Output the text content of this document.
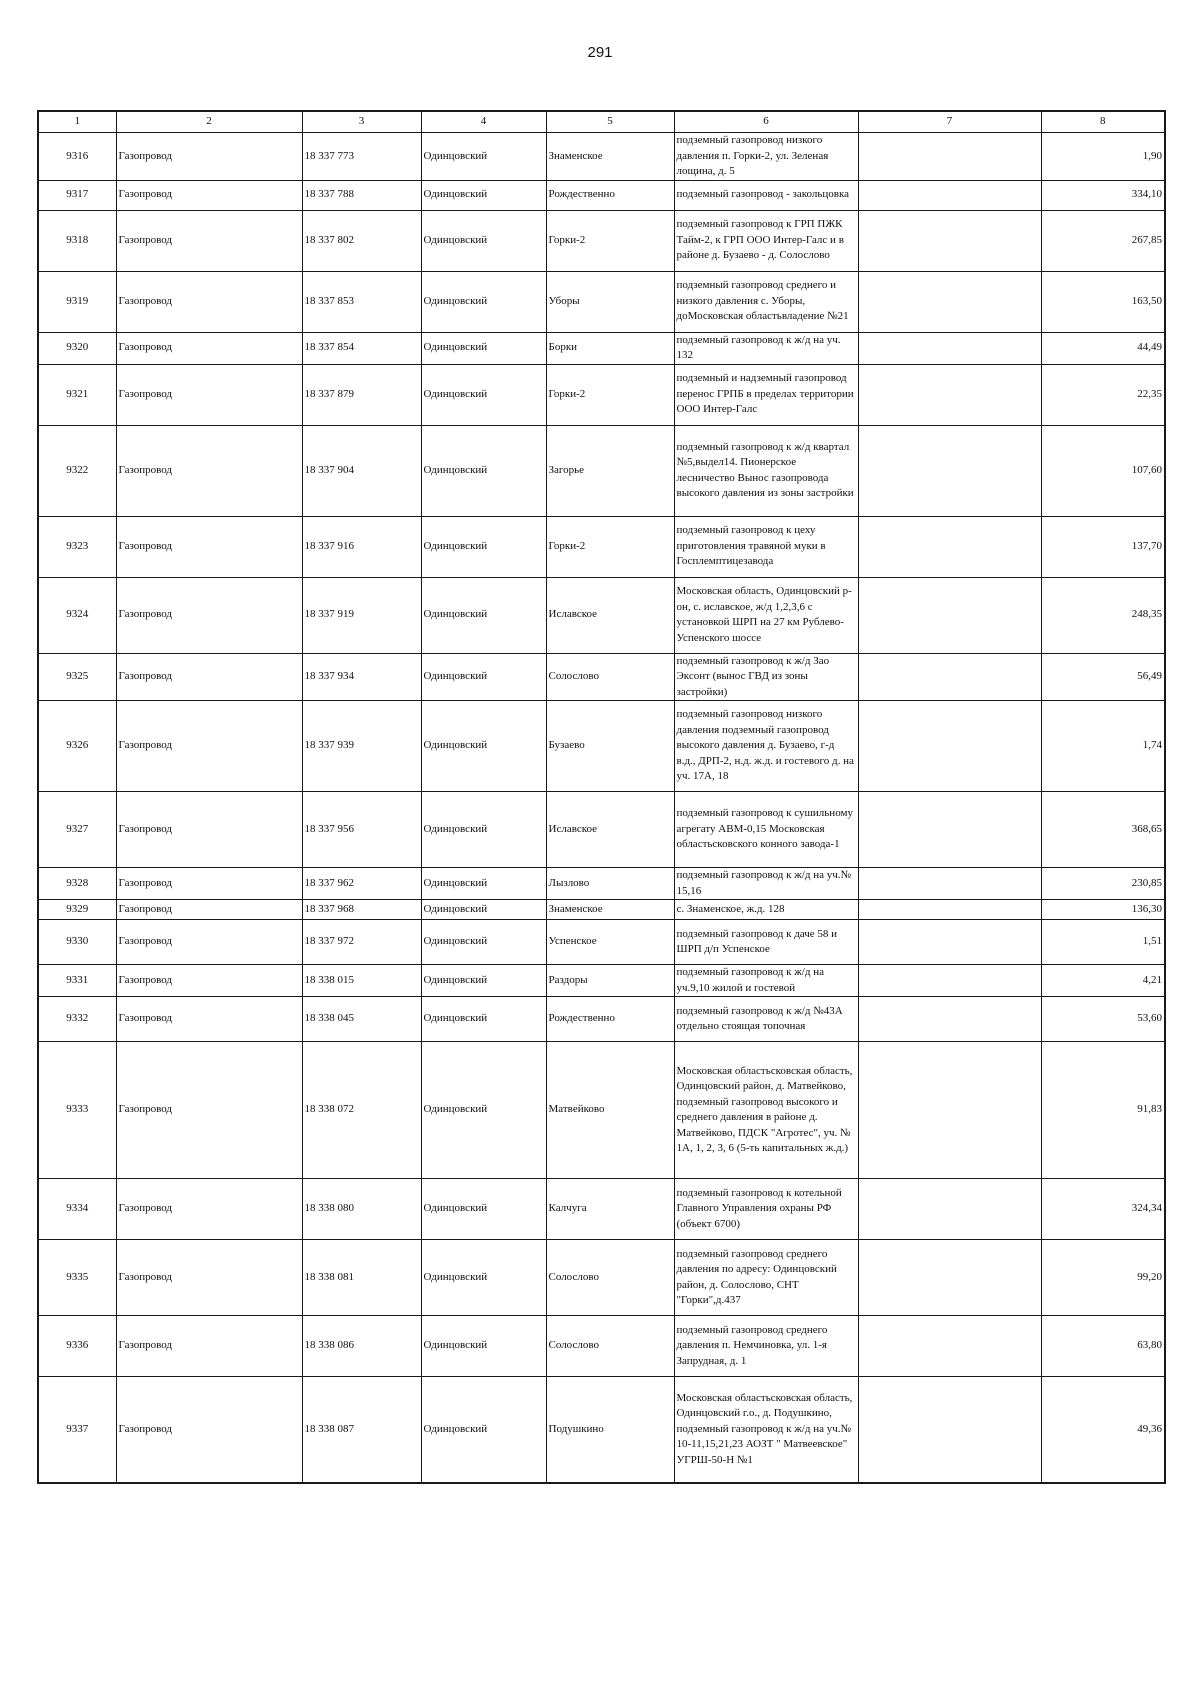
291
1	2	3	4	5	6	7	8
9316	Газопровод	18 337 773	Одинцовский	Знаменское	подземный газопровод низкого давления п. Горки-2, ул. Зеленая лощина, д. 5		1,90
9317	Газопровод	18 337 788	Одинцовский	Рождественно	подземный газопровод - закольцовка		334,10
9318	Газопровод	18 337 802	Одинцовский	Горки-2	подземный газопровод к ГРП ПЖК Тайм-2, к ГРП ООО Интер-Галс и в районе д. Бузаево - д. Солослово		267,85
9319	Газопровод	18 337 853	Одинцовский	Уборы	подземный газопровод среднего и низкого давления с. Уборы, доМосковская областьвладение №21		163,50
9320	Газопровод	18 337 854	Одинцовский	Борки	подземный газопровод к ж/д на уч. 132		44,49
9321	Газопровод	18 337 879	Одинцовский	Горки-2	подземный и надземный газопровод перенос ГРПБ в пределах территории ООО Интер-Галс		22,35
9322	Газопровод	18 337 904	Одинцовский	Загорье	подземный газопровод к ж/д квартал №5,выдел14. Пионерское лесничество Вынос газопровода высокого давления из зоны застройки		107,60
9323	Газопровод	18 337 916	Одинцовский	Горки-2	подземный газопровод к цеху приготовления травяной муки в Госплемптицезавода		137,70
9324	Газопровод	18 337 919	Одинцовский	Иславское	Московская область, Одинцовский р-он, с. иславское, ж/д 1,2,3,6 с установкой ШРП на 27 км Рублево-Успенского шоссе		248,35
9325	Газопровод	18 337 934	Одинцовский	Солослово	подземный газопровод к ж/д Зао Эксонт (вынос ГВД из зоны застройки)		56,49
9326	Газопровод	18 337 939	Одинцовский	Бузаево	подземный газопровод низкого давления подземный газопровод высокого давления д. Бузаево, г-д в.д., ДРП-2, н.д. ж.д. и гостевого д. на уч. 17А, 18		1,74
9327	Газопровод	18 337 956	Одинцовский	Иславское	подземный газопровод к сушильному агрегату АВМ-0,15 Московская областьсковского конного завода-1		368,65
9328	Газопровод	18 337 962	Одинцовский	Лызлово	подземный газопровод к ж/д на уч.№ 15,16		230,85
9329	Газопровод	18 337 968	Одинцовский	Знаменское	с. Знаменское, ж.д. 128		136,30
9330	Газопровод	18 337 972	Одинцовский	Успенское	подземный газопровод к даче 58 и ШРП д/п Успенское		1,51
9331	Газопровод	18 338 015	Одинцовский	Раздоры	подземный газопровод к ж/д на уч.9,10 жилой и гостевой		4,21
9332	Газопровод	18 338 045	Одинцовский	Рождественно	подземный газопровод к ж/д №43А отдельно стоящая топочная		53,60
9333	Газопровод	18 338 072	Одинцовский	Матвейково	Московская областьсковская область, Одинцовский район, д. Матвейково, подземный газопровод высокого и среднего давления в районе д. Матвейково, ПДСК "Агротес", уч. № 1А, 1, 2, 3, 6 (5-ть капитальных ж.д.)		91,83
9334	Газопровод	18 338 080	Одинцовский	Калчуга	подземный газопровод к котельной Главного Управления охраны РФ (объект 6700)		324,34
9335	Газопровод	18 338 081	Одинцовский	Солослово	подземный газопровод среднего давления по адресу: Одинцовский район, д. Солослово, СНТ "Горки",д.437		99,20
9336	Газопровод	18 338 086	Одинцовский	Солослово	подземный газопровод среднего давления п. Немчиновка, ул. 1-я Запрудная, д. 1		63,80
9337	Газопровод	18 338 087	Одинцовский	Подушкино	Московская областьсковская область, Одинцовский г.о., д. Подушкино, подземный газопровод к ж/д на уч.№ 10-11,15,21,23 АОЗТ " Матвеевское" УГРШ-50-Н №1		49,36
